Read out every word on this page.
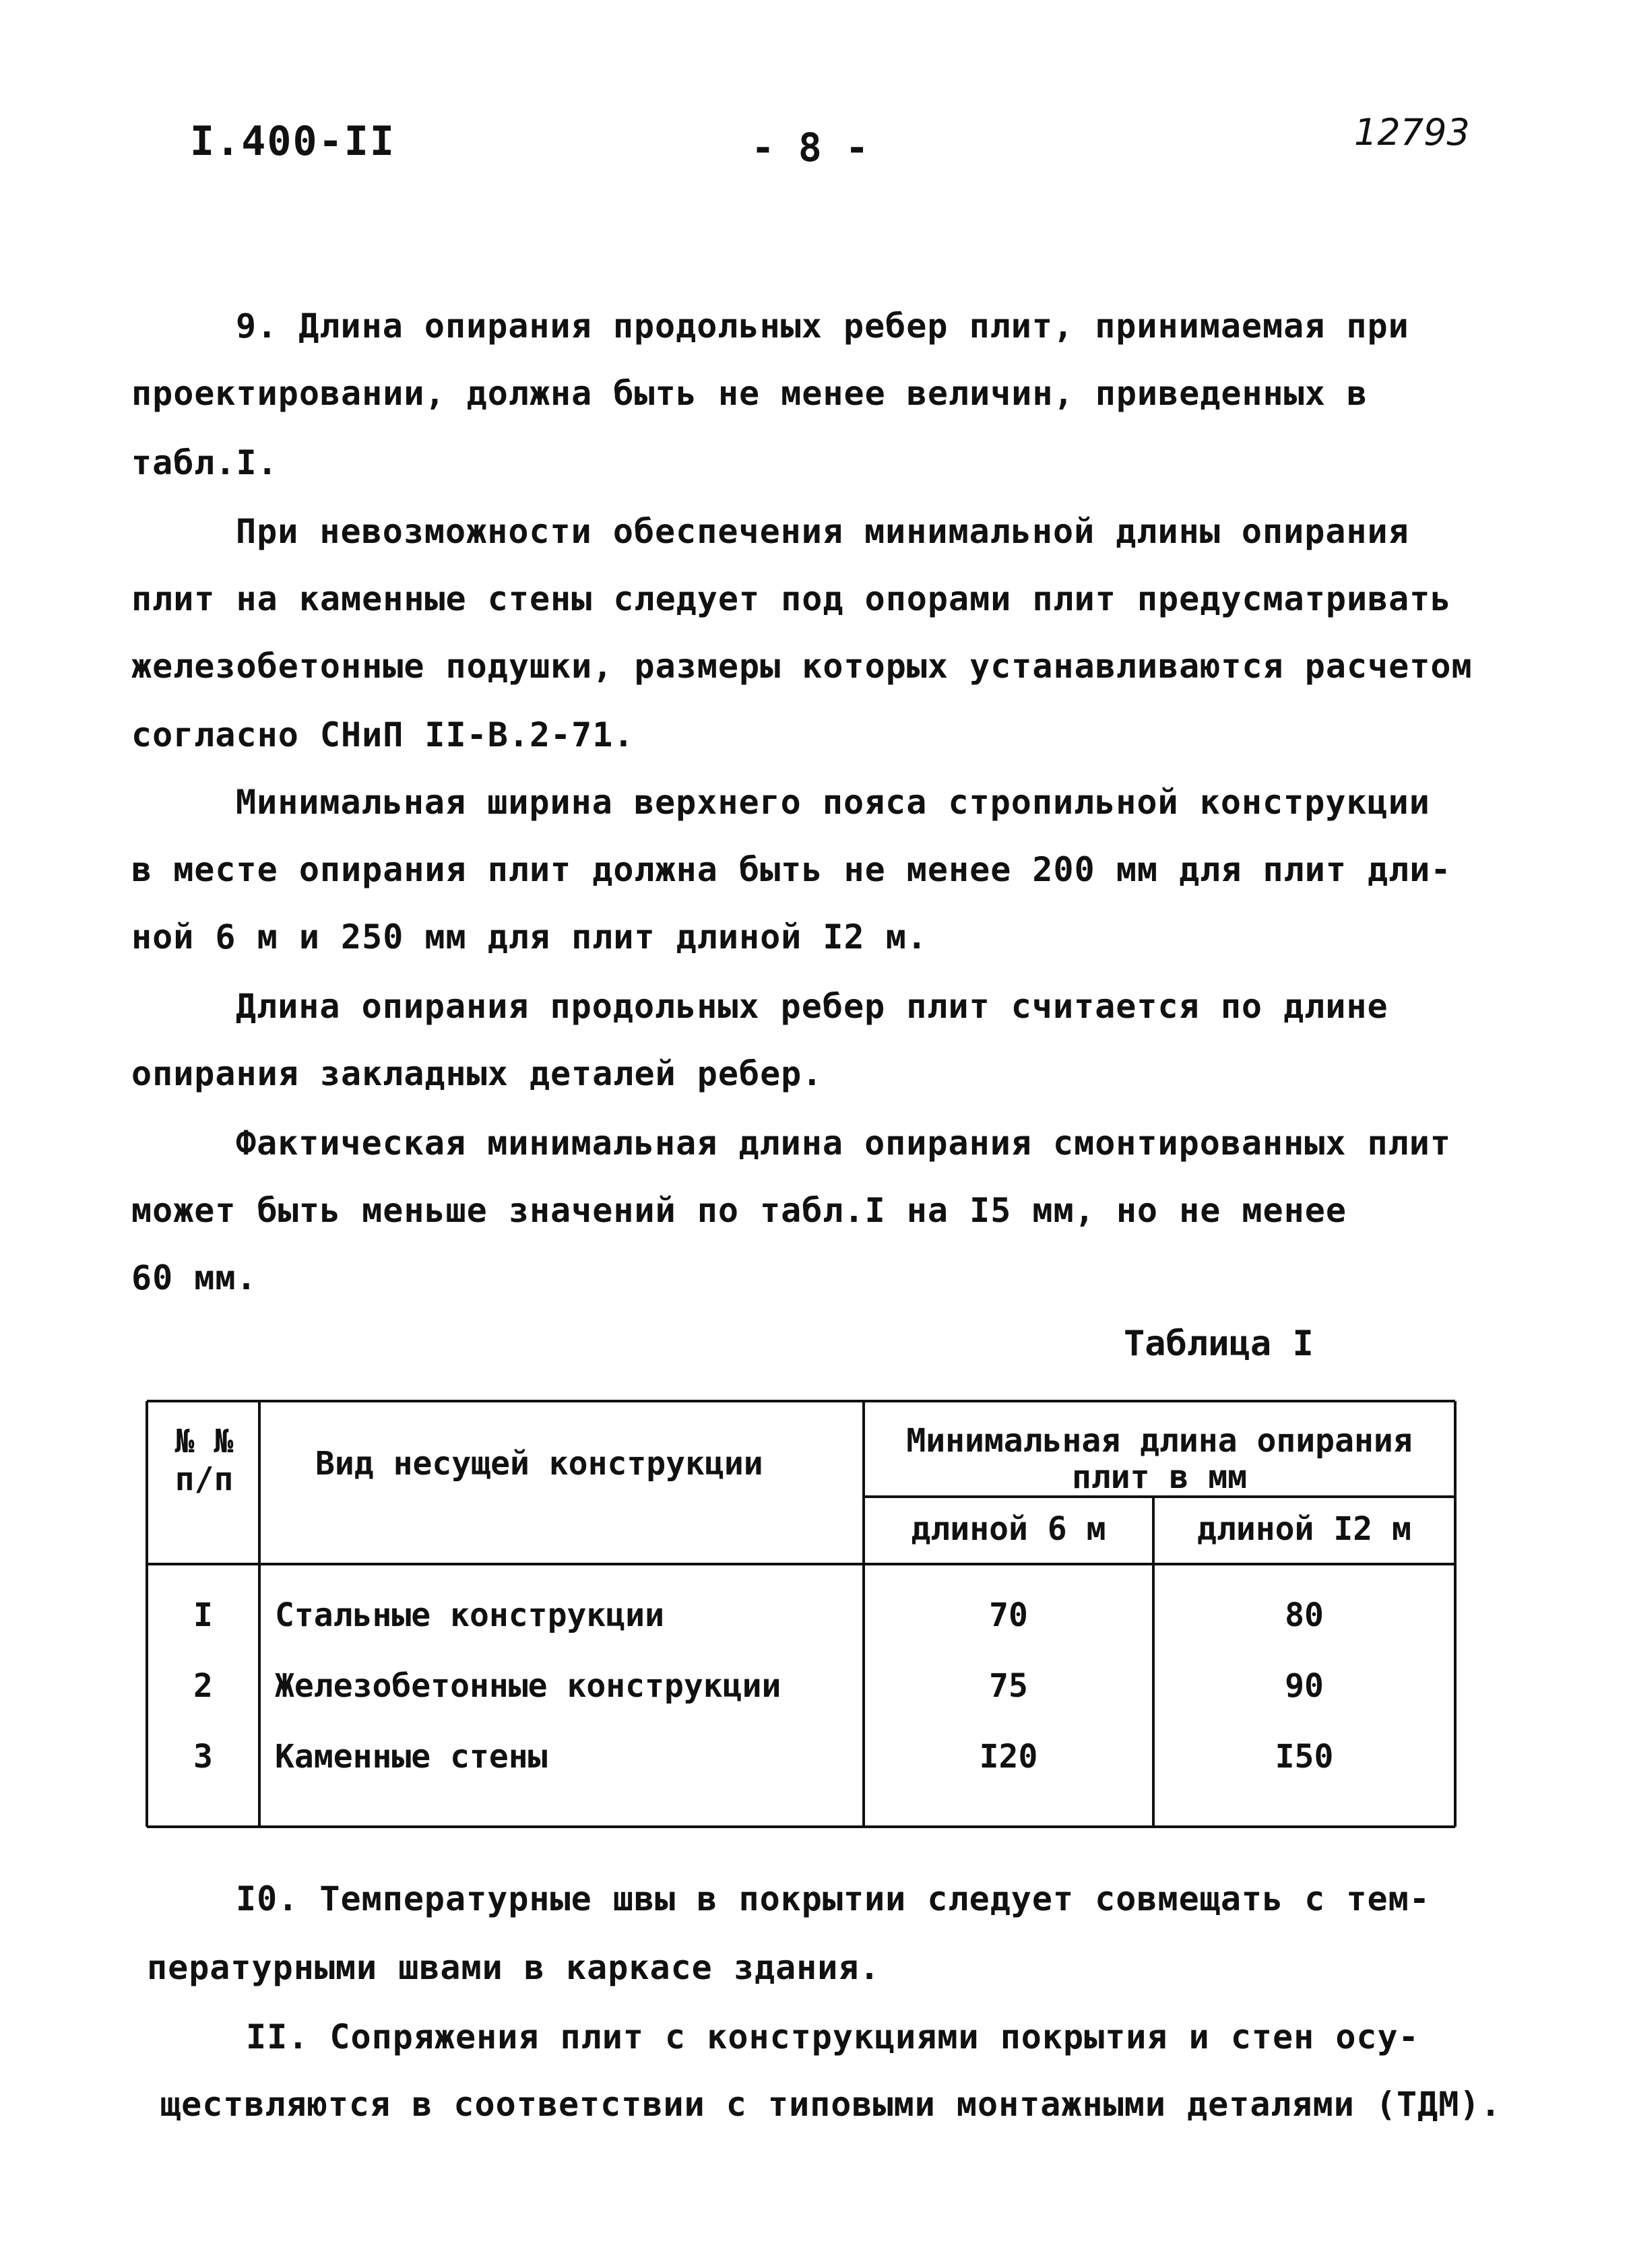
I.400-II	- 8 -	12793
9. Длина опирания продольных ребер плит, принимаемая при
проектировании, должна быть не менее величин, приведенных в
табл.I.
При невозможности обеспечения минимальной длины опирания
плит на каменные стены следует под опорами плит предусматривать
железобетонные подушки, размеры которых устанавливаются расчетом
согласно СНиП II-В.2-71.
Минимальная ширина верхнего пояса стропильной конструкции
в месте опирания плит должна быть не менее 200 мм для плит дли-
ной 6 м и 250 мм для плит длиной I2 м.
Длина опирания продольных ребер плит считается по длине
опирания закладных деталей ребер.
Фактическая минимальная длина опирания смонтированных плит
может быть меньше значений по табл.I на I5 мм, но не менее
60 мм.
Таблица I
№ №
п/п	Вид несущей конструкции
Минимальная длина опирания
плит в мм
длиной 6 м	длиной I2 м
I	Стальные конструкции	70	80
2	Железобетонные конструкции	75	90
3	Каменные стены	I20	I50
I0. Температурные швы в покрытии следует совмещать с тем-
пературными швами в каркасе здания.
II. Сопряжения плит с конструкциями покрытия и стен осу-
ществляются в соответствии с типовыми монтажными деталями (ТДМ).
